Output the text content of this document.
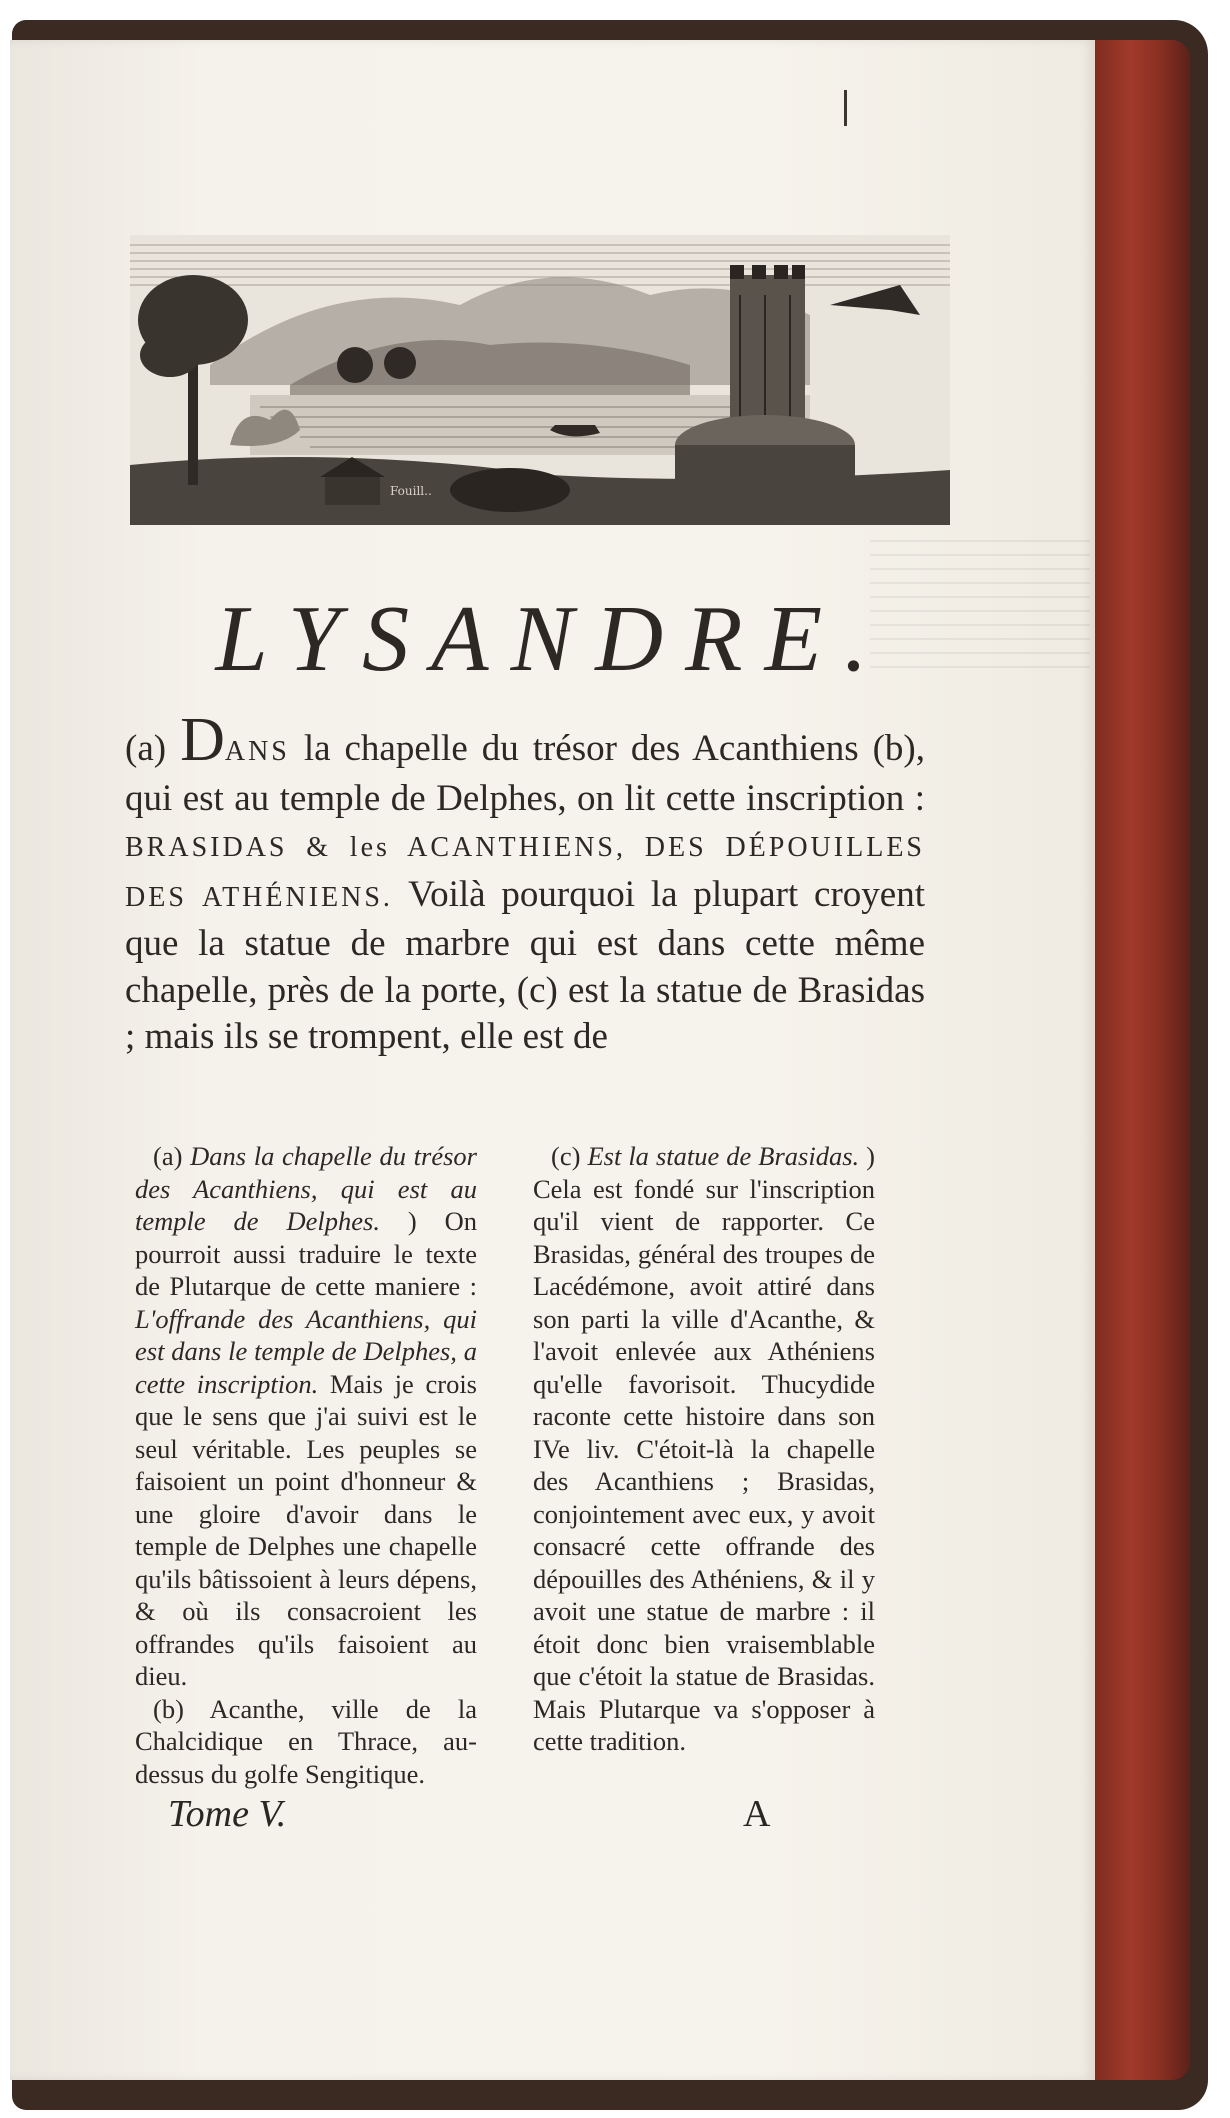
Fouill..
LYSANDRE.

(a) DANS la chapelle du trésor des Acanthiens (b), qui est au temple de Delphes, on lit cette inscription : BRASIDAS & les ACANTHIENS, DES DÉPOUILLES DES ATHÉNIENS. Voilà pourquoi la plupart croyent que la statue de marbre qui est dans cette même chapelle, près de la porte, (c) est la statue de Brasidas ; mais ils se trompent, elle est de

(a) Dans la chapelle du trésor des Acanthiens, qui est au temple de Delphes. ) On pourroit aussi traduire le texte de Plutarque de cette maniere : L'offrande des Acanthiens, qui est dans le temple de Delphes, a cette inscription. Mais je crois que le sens que j'ai suivi est le seul véritable. Les peuples se faisoient un point d'honneur & une gloire d'avoir dans le temple de Delphes une chapelle qu'ils bâtissoient à leurs dépens, & où ils consacroient les offrandes qu'ils faisoient au dieu.

(b) Acanthe, ville de la Chalcidique en Thrace, au-dessus du golfe Sengitique.

(c) Est la statue de Brasidas. ) Cela est fondé sur l'inscription qu'il vient de rapporter. Ce Brasidas, général des troupes de Lacédémone, avoit attiré dans son parti la ville d'Acanthe, & l'avoit enlevée aux Athéniens qu'elle favorisoit. Thucydide raconte cette histoire dans son IVe liv. C'étoit-là la chapelle des Acanthiens ; Brasidas, conjointement avec eux, y avoit consacré cette offrande des dépouilles des Athéniens, & il y avoit une statue de marbre : il étoit donc bien vraisemblable que c'étoit la statue de Brasidas. Mais Plutarque va s'opposer à cette tradition.

Tome V.	A
